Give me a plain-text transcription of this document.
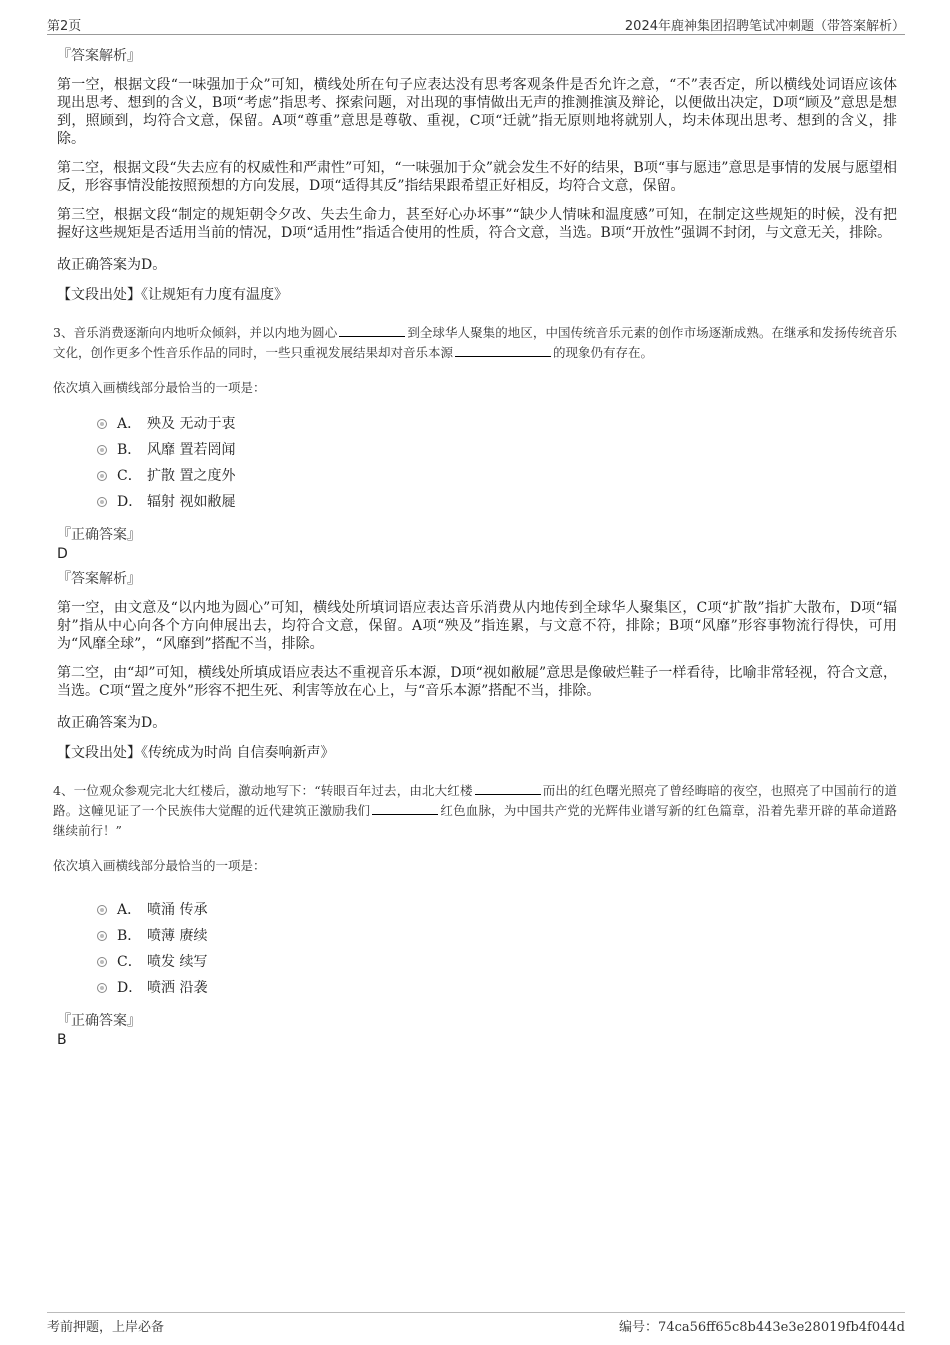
第2页	2024年鹿神集团招聘笔试冲刺题（带答案解析）
『答案解析』

第一空，根据文段“一味强加于众”可知，横线处所在句子应表达没有思考客观条件是否允许之意，“不”表否定，所以横线处词语应该体现出思考、想到的含义，B项“考虑”指思考、探索问题，对出现的事情做出无声的推测推演及辩论，以便做出决定，D项“顾及”意思是想到，照顾到，均符合文意，保留。A项“尊重”意思是尊敬、重视，C项“迁就”指无原则地将就别人，均未体现出思考、想到的含义，排除。

第二空，根据文段“失去应有的权威性和严肃性”可知，“一味强加于众”就会发生不好的结果，B项“事与愿违”意思是事情的发展与愿望相反，形容事情没能按照预想的方向发展，D项“适得其反”指结果跟希望正好相反，均符合文意，保留。

第三空，根据文段“制定的规矩朝令夕改、失去生命力，甚至好心办坏事”“缺少人情味和温度感”可知，在制定这些规矩的时候，没有把握好这些规矩是否适用当前的情况，D项“适用性”指适合使用的性质，符合文意，当选。B项“开放性”强调不封闭，与文意无关，排除。

故正确答案为D。

【文段出处】《让规矩有力度有温度》
3、音乐消费逐渐向内地听众倾斜，并以内地为圆心	到全球华人聚集的地区，中国传统音乐元素的创作市场逐渐成熟。在继承和发扬传统音乐文化，创作更多个性音乐作品的同时，一些只重视发展结果却对音乐本源	的现象仍有存在。
依次填入画横线部分最恰当的一项是：
A． 殃及 无动于衷
B． 风靡 置若罔闻
C． 扩散 置之度外
D． 辐射 视如敝屣
『正确答案』
D
『答案解析』

第一空，由文意及“以内地为圆心”可知，横线处所填词语应表达音乐消费从内地传到全球华人聚集区，C项“扩散”指扩大散布，D项“辐射”指从中心向各个方向伸展出去，均符合文意，保留。A项“殃及”指连累，与文意不符，排除；B项“风靡”形容事物流行得快，可用为“风靡全球”，“风靡到”搭配不当，排除。

第二空，由“却”可知，横线处所填成语应表达不重视音乐本源，D项“视如敝屣”意思是像破烂鞋子一样看待，比喻非常轻视，符合文意，当选。C项“置之度外”形容不把生死、利害等放在心上，与“音乐本源”搭配不当，排除。

故正确答案为D。

【文段出处】《传统成为时尚 自信奏响新声》
4、一位观众参观完北大红楼后，激动地写下：“转眼百年过去，由北大红楼	而出的红色曙光照亮了曾经晦暗的夜空，也照亮了中国前行的道路。这幢见证了一个民族伟大觉醒的近代建筑正激励我们	红色血脉，为中国共产党的光辉伟业谱写新的红色篇章，沿着先辈开辟的革命道路继续前行！”
依次填入画横线部分最恰当的一项是：
A． 喷涌 传承
B． 喷薄 赓续
C． 喷发 续写
D． 喷洒 沿袭
『正确答案』
B
考前押题，上岸必备	编号：74ca56ff65c8b443e3e28019fb4f044d
